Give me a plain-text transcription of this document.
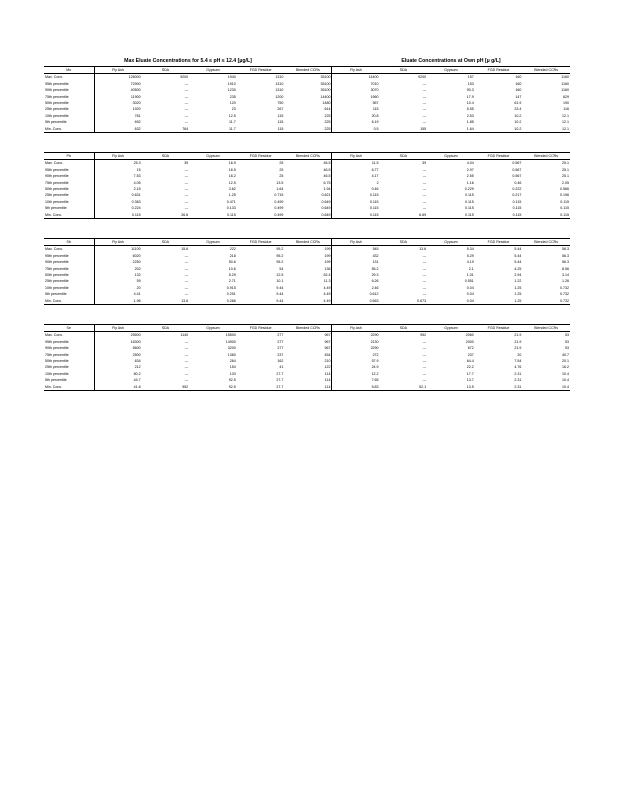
Max Eluate Concentrations for 5.4 ≤ pH ≤ 12.4 [µg/L]	Eluate Concentrations at Own pH [µ g/L]
Mo	Fly Ash	SDA	Gypsum	FGD Residue	Blended CCRs	Fly Ash	SDA	Gypsum	FGD Residue	Blended CCRs
Max. Conc.	126000	9200	1940	1310	35100	14400	9200	157	160	1160
95th percentile	72900	---	1910	1310	35100	7010	---	153	160	1160
90th percentile	40500	---	1230	1310	35100	3070	---	90.3	160	1160
75th percentile	11900	---	235	1200	14400	1960	---	17.9	147	629
50th percentile	3020	---	120	750	1480	557	---	10.4	61.9	190
25th percentile	1920	---	23	267	614	115	---	5.55	23.4	116
10th percentile	761	---	12.5	115	225	20.8	---	2.53	10.2	12.1
5th percentile	692	---	11.7	115	225	6.19	---	1.85	10.2	12.1
Min. Conc.	632	764	11.7	115	225	0.5	155	1.64	10.2	12.1
Pb	Fly Ash	SDA	Gypsum	FGD Residue	Blended CCRs	Fly Ash	SDA	Gypsum	FGD Residue	Blended CCRs
Max. Conc.	25.3	39	16.9	25	46.5	11.5	39	4.04	0.567	25.1
95th percentile	15	---	16.5	25	46.5	6.77	---	2.97	0.567	25.1
90th percentile	7.53	---	16.2	25	46.5	4.17	---	2.55	0.567	25.1
75th percentile	4.05	---	12.5	13.5	6.75	2	---	1.16	0.46	2.05
50th percentile	2.15	---	3.62	1.64	1.94	0.46	---	0.229	0.222	0.566
25th percentile	0.631	---	1.25	0.715	0.621	0.115	---	0.115	0.217	0.196
10th percentile	0.363	---	0.471	0.499	0.649	0.115	---	0.115	0.115	0.115
5th percentile	0.224	---	0.133	0.499	0.649	0.115	---	0.115	0.115	0.115
Min. Conc.	0.115	26.6	0.115	0.499	0.649	0.115	6.69	0.115	0.115	0.115
Sb	Fly Ash	SDA	Gypsum	FGD Residue	Blended CCRs	Fly Ash	SDA	Gypsum	FGD Residue	Blended CCRs
Max. Conc.	11100	15.6	222	95.2	199	545	13.6	5.34	5.44	56.3
95th percentile	6020	---	218	95.2	199	432	---	5.29	5.44	56.3
90th percentile	2250	---	50.6	95.2	199	131	---	4.19	5.44	56.3
75th percentile	202	---	10.6	54	136	55.2	---	2.1	4.25	8.56
50th percentile	132	---	5.29	12.5	52.4	29.3	---	1.01	2.94	3.14
25th percentile	59	---	2.71	10.1	11.3	6.26	---	0.551	1.22	1.26
10th percentile	20	---	0.915	9.44	4.49	2.46	---	0.04	1.25	0.732
5th percentile	4.41	---	0.291	9.44	4.49	0.612	---	0.04	1.25	0.732
Min. Conc.	1.96	13.6	0.266	9.44	4.49	0.563	0.673	0.04	1.25	0.732
Se	Fly Ash	SDA	Gypsum	FGD Residue	Blended CCRs	Fly Ash	SDA	Gypsum	FGD Residue	Blended CCRs
Max. Conc.	25500	1140	15500	277	967	2290	952	2060	21.9	53
95th percentile	16300	---	14900	277	967	2130	---	2000	21.9	53
90th percentile	5600	---	3200	277	967	2290	---	672	21.9	53
75th percentile	2500	---	1360	237	454	272	---	237	20	40.7
50th percentile	634	---	264	162	210	57.9	---	64.4	7.54	20.1
25th percentile	212	---	154	41	122	24.9	---	22.2	4.76	16.2
10th percentile	80.2	---	103	27.7	114	12.2	---	17.7	2.31	10.4
5th percentile	44.7	---	92.5	27.7	114	7.65	---	13.7	2.31	10.4
Min. Conc.	41.6	952	92.5	27.7	114	5.83	52.1	13.5	2.31	10.4
